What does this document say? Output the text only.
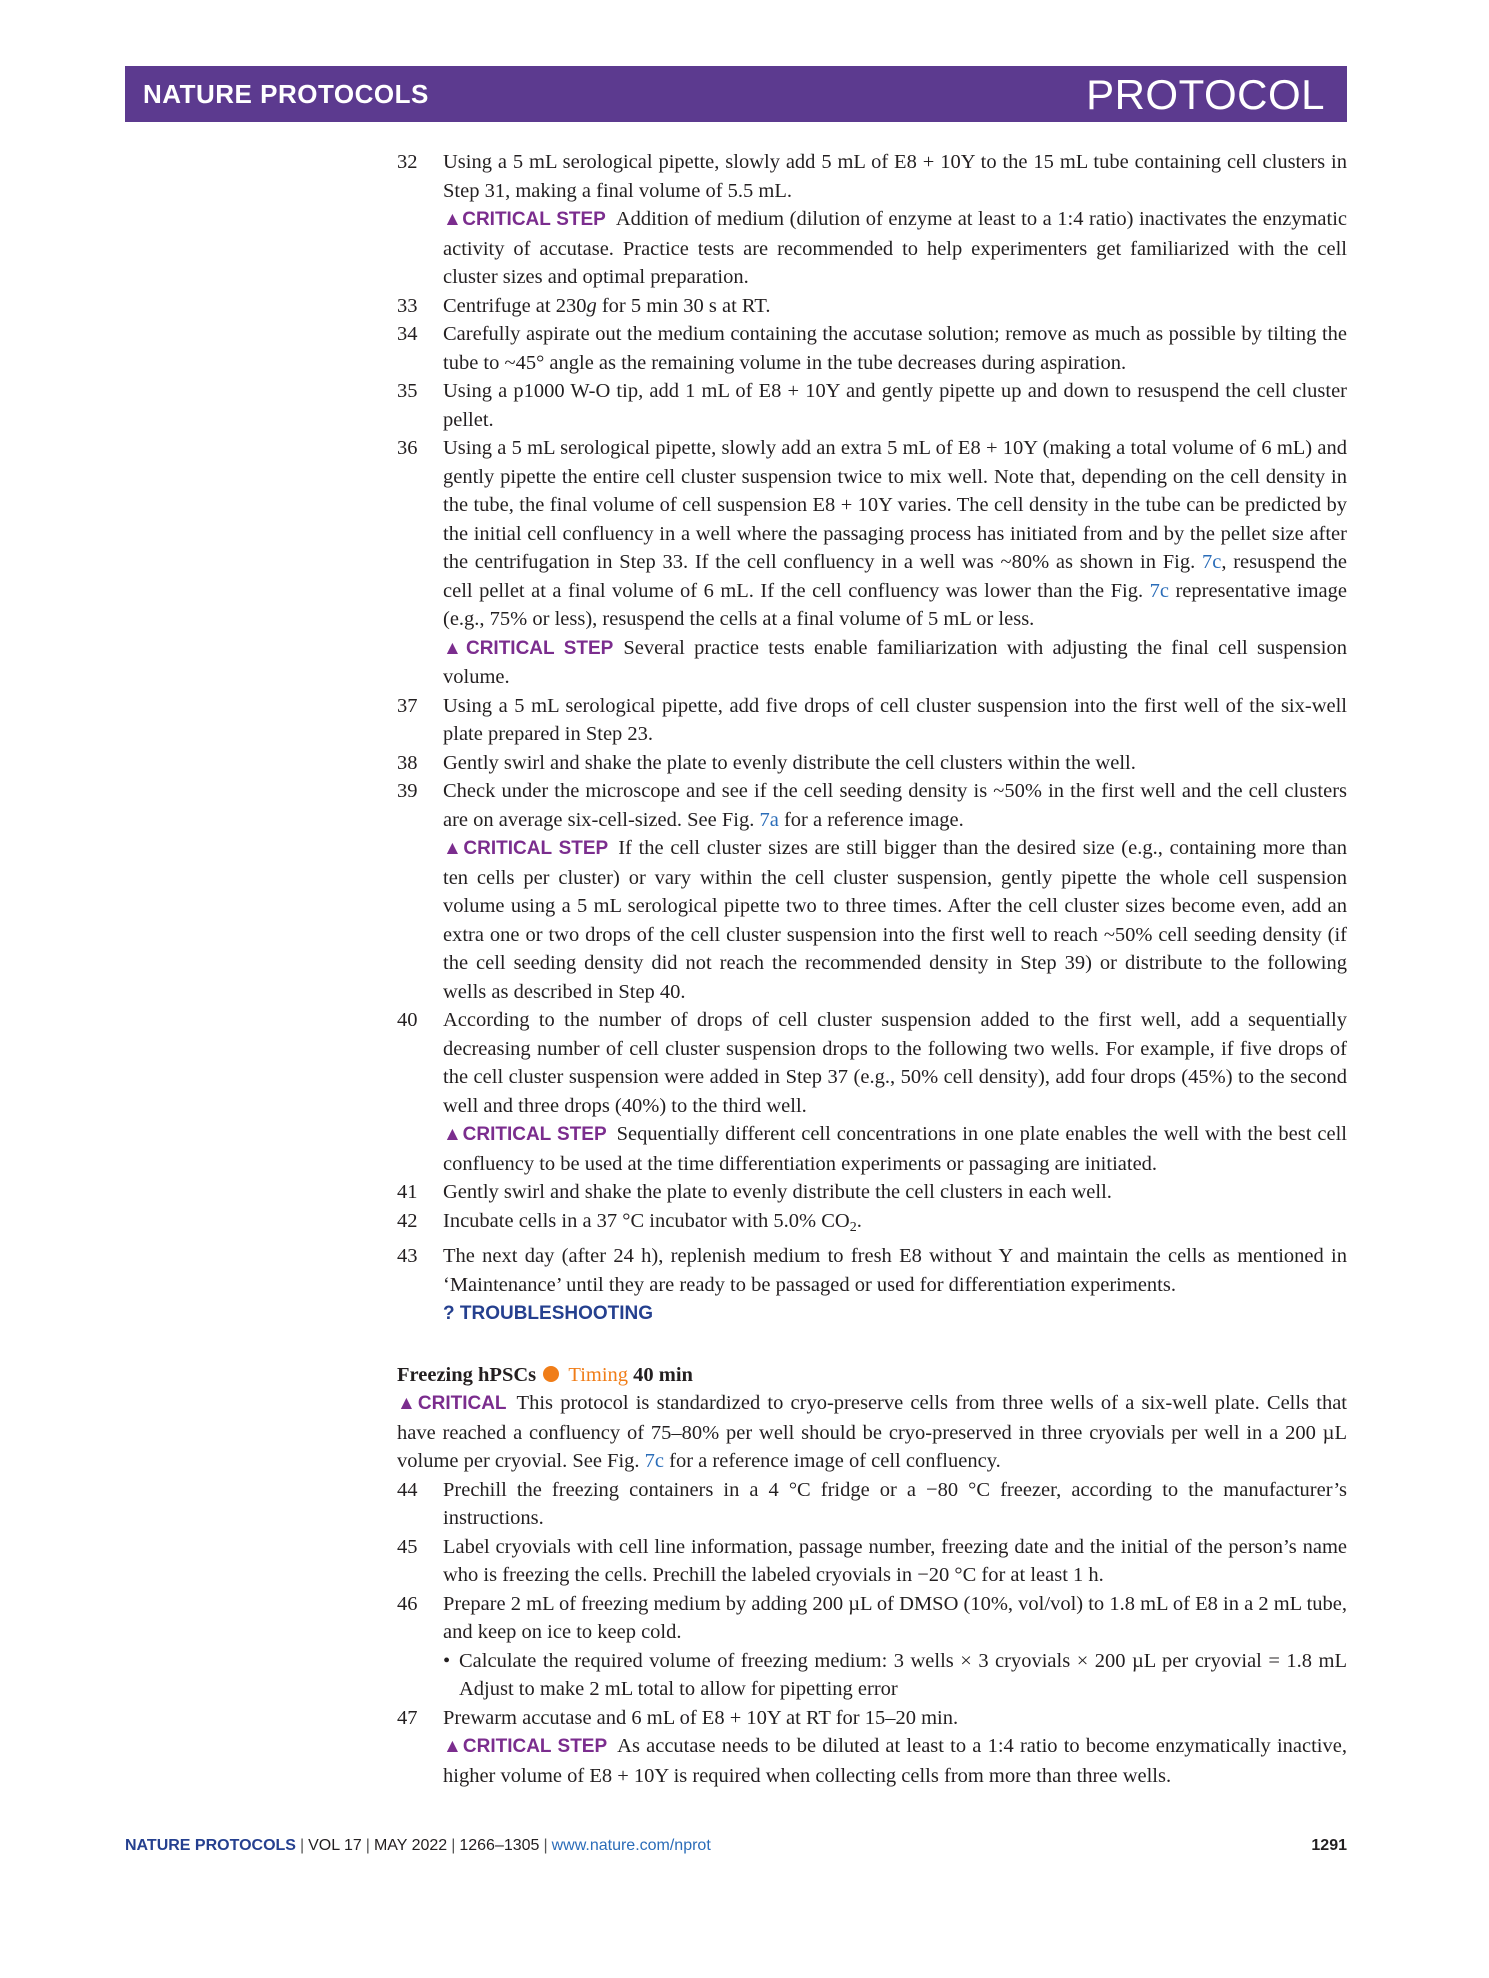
NATURE PROTOCOLS	PROTOCOL
32 Using a 5 mL serological pipette, slowly add 5 mL of E8 + 10Y to the 15 mL tube containing cell clusters in Step 31, making a final volume of 5.5 mL.
▲CRITICAL STEP Addition of medium (dilution of enzyme at least to a 1:4 ratio) inactivates the enzymatic activity of accutase. Practice tests are recommended to help experimenters get familiarized with the cell cluster sizes and optimal preparation.
33 Centrifuge at 230g for 5 min 30 s at RT.
34 Carefully aspirate out the medium containing the accutase solution; remove as much as possible by tilting the tube to ~45° angle as the remaining volume in the tube decreases during aspiration.
35 Using a p1000 W-O tip, add 1 mL of E8 + 10Y and gently pipette up and down to resuspend the cell cluster pellet.
36 Using a 5 mL serological pipette, slowly add an extra 5 mL of E8 + 10Y (making a total volume of 6 mL) and gently pipette the entire cell cluster suspension twice to mix well. Note that, depending on the cell density in the tube, the final volume of cell suspension E8 + 10Y varies. The cell density in the tube can be predicted by the initial cell confluency in a well where the passaging process has initiated from and by the pellet size after the centrifugation in Step 33. If the cell confluency in a well was ~80% as shown in Fig. 7c, resuspend the cell pellet at a final volume of 6 mL. If the cell confluency was lower than the Fig. 7c representative image (e.g., 75% or less), resuspend the cells at a final volume of 5 mL or less.
▲CRITICAL STEP Several practice tests enable familiarization with adjusting the final cell suspension volume.
37 Using a 5 mL serological pipette, add five drops of cell cluster suspension into the first well of the six-well plate prepared in Step 23.
38 Gently swirl and shake the plate to evenly distribute the cell clusters within the well.
39 Check under the microscope and see if the cell seeding density is ~50% in the first well and the cell clusters are on average six-cell-sized. See Fig. 7a for a reference image.
▲CRITICAL STEP If the cell cluster sizes are still bigger than the desired size (e.g., containing more than ten cells per cluster) or vary within the cell cluster suspension, gently pipette the whole cell suspension volume using a 5 mL serological pipette two to three times. After the cell cluster sizes become even, add an extra one or two drops of the cell cluster suspension into the first well to reach ~50% cell seeding density (if the cell seeding density did not reach the recommended density in Step 39) or distribute to the following wells as described in Step 40.
40 According to the number of drops of cell cluster suspension added to the first well, add a sequentially decreasing number of cell cluster suspension drops to the following two wells. For example, if five drops of the cell cluster suspension were added in Step 37 (e.g., 50% cell density), add four drops (45%) to the second well and three drops (40%) to the third well.
▲CRITICAL STEP Sequentially different cell concentrations in one plate enables the well with the best cell confluency to be used at the time differentiation experiments or passaging are initiated.
41 Gently swirl and shake the plate to evenly distribute the cell clusters in each well.
42 Incubate cells in a 37 °C incubator with 5.0% $CO_2$.
43 The next day (after 24 h), replenish medium to fresh E8 without Y and maintain the cells as mentioned in ‘Maintenance’ until they are ready to be passaged or used for differentiation experiments.
? TROUBLESHOOTING
Freezing hPSCs Timing 40 min
▲CRITICAL This protocol is standardized to cryo-preserve cells from three wells of a six-well plate. Cells that have reached a confluency of 75–80% per well should be cryo-preserved in three cryovials per well in a 200 µL volume per cryovial. See Fig. 7c for a reference image of cell confluency.
44 Prechill the freezing containers in a 4 °C fridge or a −80 °C freezer, according to the manufacturer’s instructions.
45 Label cryovials with cell line information, passage number, freezing date and the initial of the person’s name who is freezing the cells. Prechill the labeled cryovials in −20 °C for at least 1 h.
46 Prepare 2 mL of freezing medium by adding 200 µL of DMSO (10%, vol/vol) to 1.8 mL of E8 in a 2 mL tube, and keep on ice to keep cold.
• Calculate the required volume of freezing medium: 3 wells × 3 cryovials × 200 µL per cryovial = 1.8 mL Adjust to make 2 mL total to allow for pipetting error
47 Prewarm accutase and 6 mL of E8 + 10Y at RT for 15–20 min.
▲CRITICAL STEP As accutase needs to be diluted at least to a 1:4 ratio to become enzymatically inactive, higher volume of E8 + 10Y is required when collecting cells from more than three wells.
NATURE PROTOCOLS | VOL 17 | MAY 2022 | 1266–1305 | www.nature.com/nprot	1291
